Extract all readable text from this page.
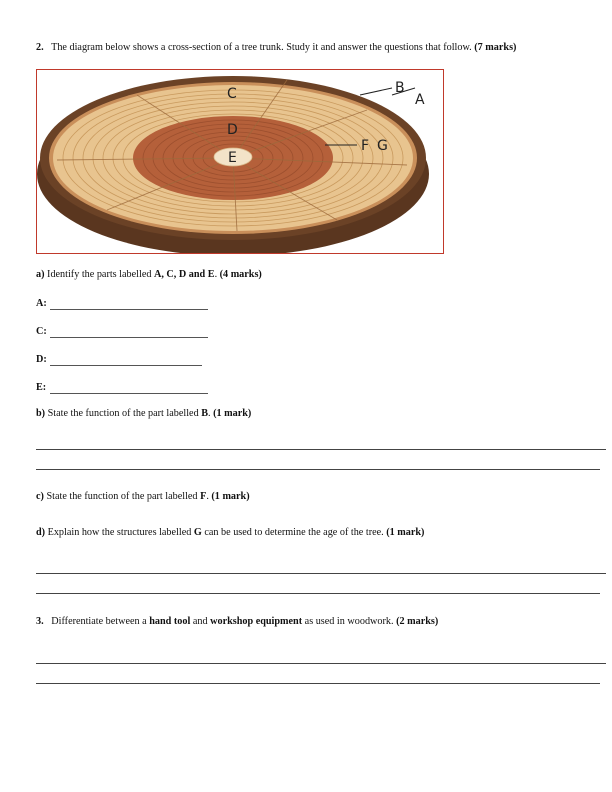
2. The diagram below shows a cross-section of a tree trunk. Study it and answer the questions that follow. (7 marks)
C	B
A
D
E
F G
a) Identify the parts labelled A, C, D and E. (4 marks)
A:
C:
D:
E:
b) State the function of the part labelled B. (1 mark)
c) State the function of the part labelled F. (1 mark)
d) Explain how the structures labelled G can be used to determine the age of the tree. (1 mark)
3. Differentiate between a hand tool and workshop equipment as used in woodwork. (2 marks)
